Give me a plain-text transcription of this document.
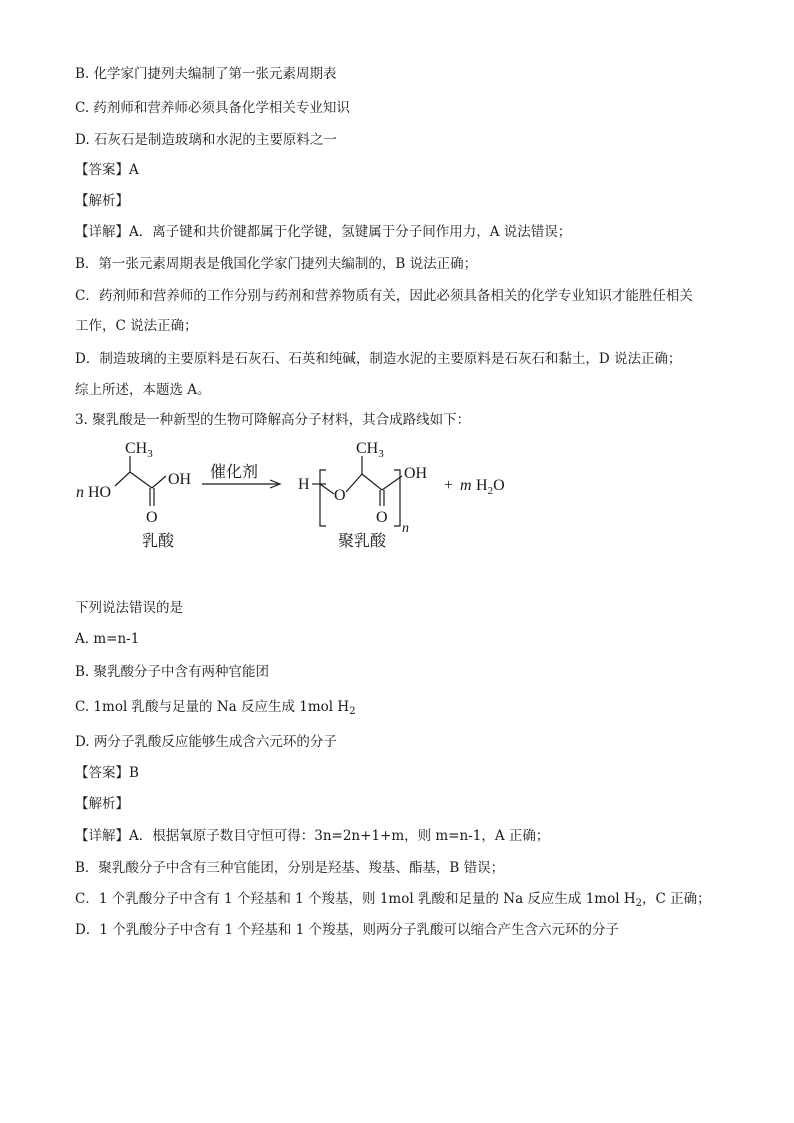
B. 化学家门捷列夫编制了第一张元素周期表
C. 药剂师和营养师必须具备化学相关专业知识
D. 石灰石是制造玻璃和水泥的主要原料之一
【答案】A
【解析】
【详解】A．离子键和共价键都属于化学键，氢键属于分子间作用力，A 说法错误；
B．第一张元素周期表是俄国化学家门捷列夫编制的，B 说法正确；
C．药剂师和营养师的工作分别与药剂和营养物质有关，因此必须具备相关的化学专业知识才能胜任相关
工作，C 说法正确；
D．制造玻璃的主要原料是石灰石、石英和纯碱，制造水泥的主要原料是石灰石和黏土，D 说法正确；
综上所述，本题选 A。
3. 聚乳酸是一种新型的生物可降解高分子材料，其合成路线如下：
n HO
$CH_3$
OH
O
乳酸
催化剂
H
O
$CH_3$
O
OH
n
聚乳酸
+ m $H_2O$
下列说法错误的是
A. m=n-1
B. 聚乳酸分子中含有两种官能团
C. 1mol 乳酸与足量的 Na 反应生成 1mol $H_2$
D. 两分子乳酸反应能够生成含六元环的分子
【答案】B
【解析】
【详解】A．根据氧原子数目守恒可得：3n=2n+1+m，则 m=n-1，A 正确；
B．聚乳酸分子中含有三种官能团，分别是羟基、羧基、酯基，B 错误；
C．1 个乳酸分子中含有 1 个羟基和 1 个羧基，则 1mol 乳酸和足量的 Na 反应生成 1mol $H_2$，C 正确；
D．1 个乳酸分子中含有 1 个羟基和 1 个羧基，则两分子乳酸可以缩合产生含六元环的分子
